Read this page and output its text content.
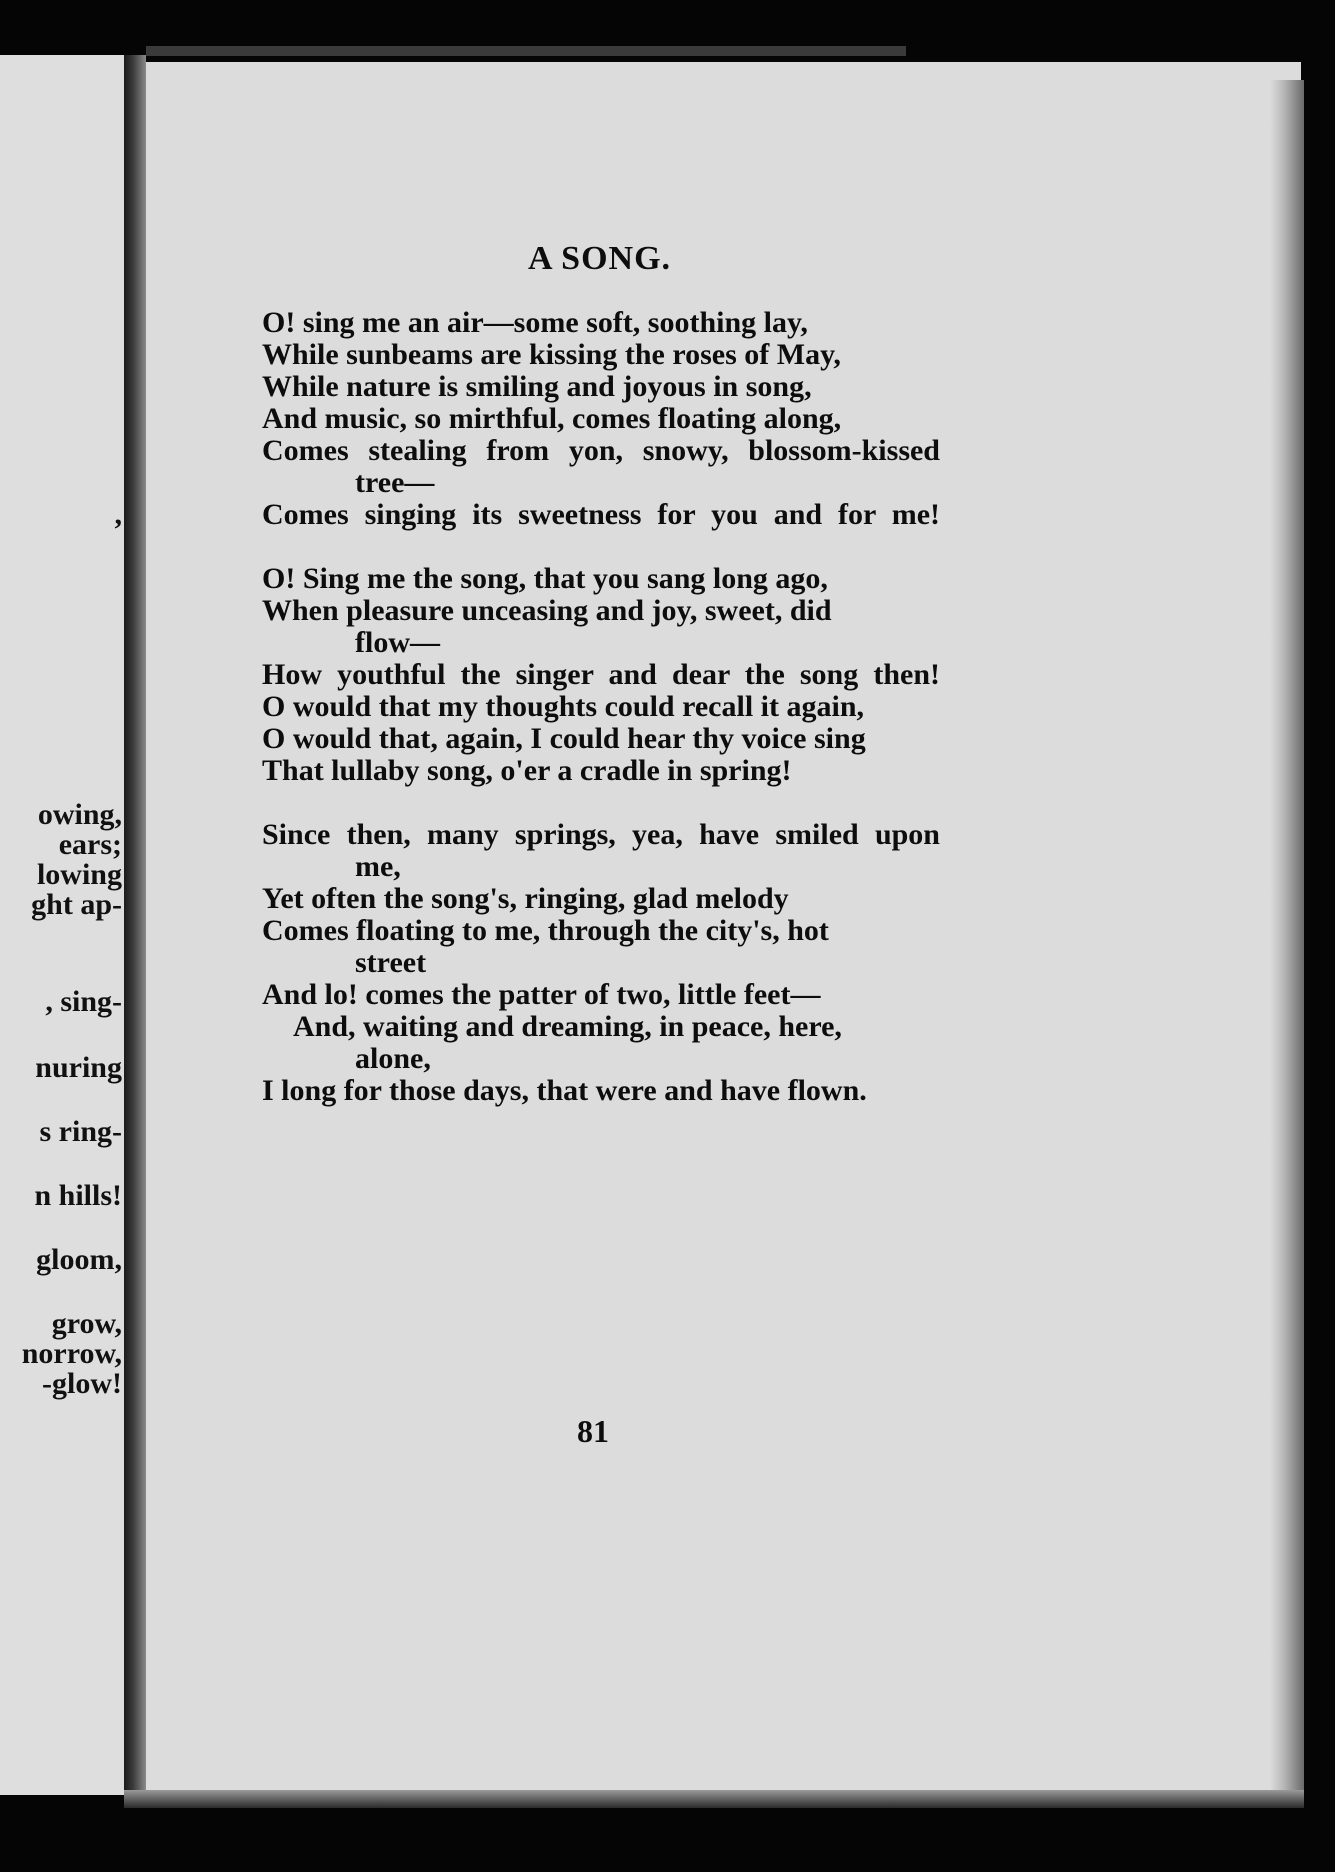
,
owing,
ears;
lowing
ght ap-
, sing-
nuring
s ring-
n hills!
gloom,
grow,
norrow,
-glow!
A SONG.
O! sing me an air—some soft, soothing lay,
While sunbeams are kissing the roses of May,
While nature is smiling and joyous in song,
And music, so mirthful, comes floating along,
Comes stealing from yon, snowy, blossom-kissed
tree—
Comes singing its sweetness for you and for me!
O! Sing me the song, that you sang long ago,
When pleasure unceasing and joy, sweet, did
flow—
How youthful the singer and dear the song then!
O would that my thoughts could recall it again,
O would that, again, I could hear thy voice sing
That lullaby song, o'er a cradle in spring!
Since then, many springs, yea, have smiled upon
me,
Yet often the song's, ringing, glad melody
Comes floating to me, through the city's, hot
street
And lo! comes the patter of two, little feet—
And, waiting and dreaming, in peace, here,
alone,
I long for those days, that were and have flown.
81
